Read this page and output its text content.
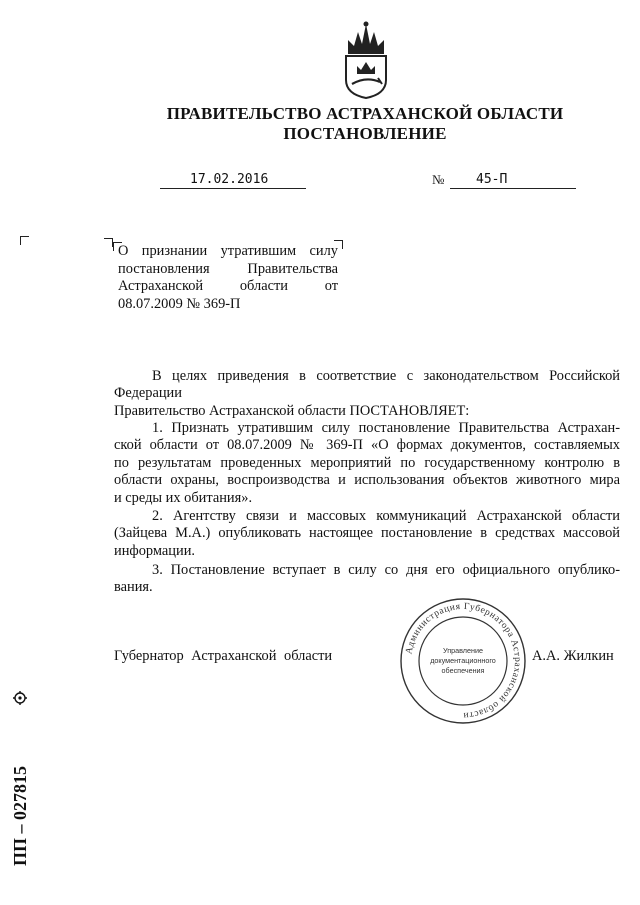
ПРАВИТЕЛЬСТВО АСТРАХАНСКОЙ ОБЛАСТИ
ПОСТАНОВЛЕНИЕ
17.02.2016	№ 45-П
О признании утратившим силу
постановления Правительства
Астраханской области от
08.07.2009 № 369-П
В целях приведения в соответствие с законодательством Российской
Федерации
Правительство Астраханской области ПОСТАНОВЛЯЕТ:
1. Признать утратившим силу постановление Правительства Астрахан-
ской области от 08.07.2009 № 369-П «О формах документов, составляемых
по результатам проведенных мероприятий по государственному контролю в
области охраны, воспроизводства и использования объектов животного мира
и среды их обитания».
2. Агентству связи и массовых коммуникаций Астраханской области
(Зайцева М.А.) опубликовать настоящее постановление в средствах массовой
информации.
3. Постановление вступает в силу со дня его официального опублико-
вания.
Губернатор Астраханской области	А.А. Жилкин
Администрация Губернатора Астраханской области
Управление
документационного
обеспечения
ПП – 027815
